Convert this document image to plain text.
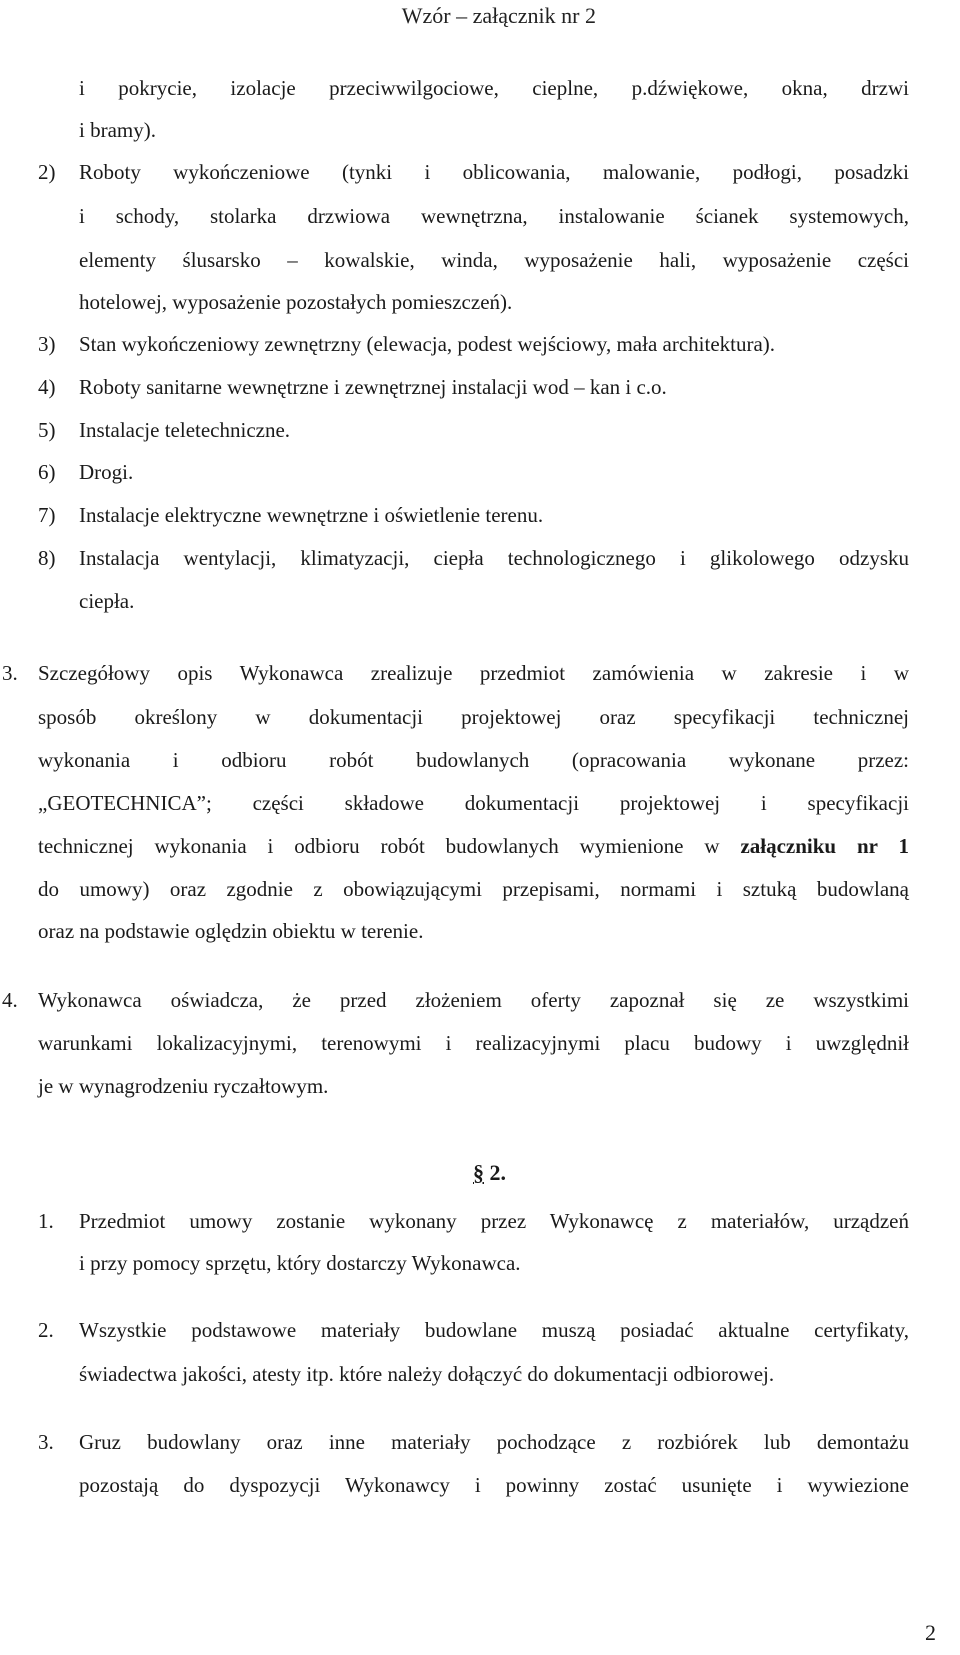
Wzór – załącznik nr 2
i pokrycie, izolacje przeciwwilgociowe, cieplne, p.dźwiękowe, okna, drzwi
i bramy).
2) Roboty wykończeniowe (tynki i oblicowania, malowanie, podłogi, posadzki
i schody, stolarka drzwiowa wewnętrzna, instalowanie ścianek systemowych,
elementy ślusarsko – kowalskie, winda, wyposażenie hali, wyposażenie części
hotelowej, wyposażenie pozostałych pomieszczeń).
3) Stan wykończeniowy zewnętrzny (elewacja, podest wejściowy, mała architektura).
4) Roboty sanitarne wewnętrzne i zewnętrznej instalacji wod – kan i c.o.
5) Instalacje teletechniczne.
6) Drogi.
7) Instalacje elektryczne wewnętrzne i oświetlenie terenu.
8) Instalacja wentylacji, klimatyzacji, ciepła technologicznego i glikolowego odzysku
ciepła.
3. Szczegółowy opis Wykonawca zrealizuje przedmiot zamówienia w zakresie i w
sposób określony w dokumentacji projektowej oraz specyfikacji technicznej
wykonania i odbioru robót budowlanych (opracowania wykonane przez:
„GEOTECHNICA”; części składowe dokumentacji projektowej i specyfikacji
technicznej wykonania i odbioru robót budowlanych wymienione w załączniku nr 1
do umowy) oraz zgodnie z obowiązującymi przepisami, normami i sztuką budowlaną
oraz na podstawie oględzin obiektu w terenie.
4. Wykonawca oświadcza, że przed złożeniem oferty zapoznał się ze wszystkimi
warunkami lokalizacyjnymi, terenowymi i realizacyjnymi placu budowy i uwzględnił
je w wynagrodzeniu ryczałtowym.
§ 2.
1. Przedmiot umowy zostanie wykonany przez Wykonawcę z materiałów, urządzeń
i przy pomocy sprzętu, który dostarczy Wykonawca.
2. Wszystkie podstawowe materiały budowlane muszą posiadać aktualne certyfikaty,
świadectwa jakości, atesty itp. które należy dołączyć do dokumentacji odbiorowej.
3. Gruz budowlany oraz inne materiały pochodzące z rozbiórek lub demontażu
pozostają do dyspozycji Wykonawcy i powinny zostać usunięte i wywiezione
2
